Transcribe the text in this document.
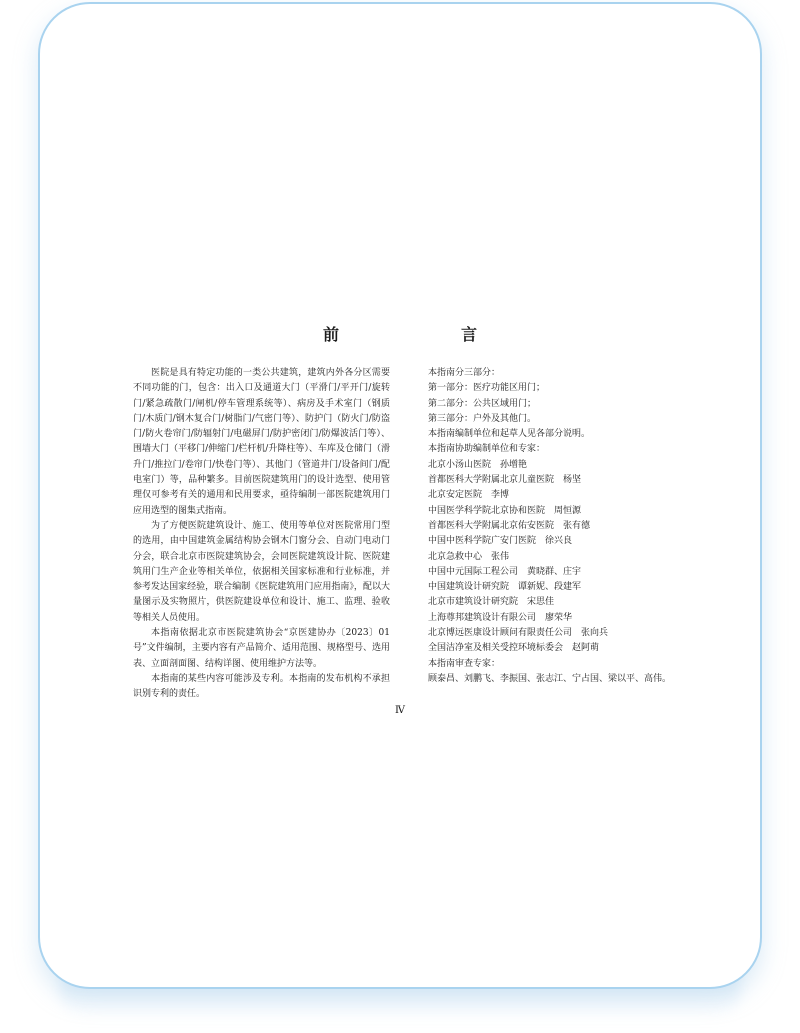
前　　言

医院是具有特定功能的一类公共建筑，建筑内外各分区需要不同功能的门，包含：出入口及通道大门（平滑门/平开门/旋转门/紧急疏散门/闸机/停车管理系统等）、病房及手术室门（钢质门/木质门/钢木复合门/树脂门/气密门等）、防护门（防火门/防盗门/防火卷帘门/防辐射门/电磁屏门/防护密闭门/防爆波活门等）、围墙大门（平移门/伸缩门/栏杆机/升降柱等）、车库及仓储门（滑升门/推拉门/卷帘门/快卷门等）、其他门（管道井门/设备间门/配电室门）等，品种繁多。目前医院建筑用门的设计选型、使用管理仅可参考有关的通用和民用要求，亟待编制一部医院建筑用门应用选型的图集式指南。

为了方便医院建筑设计、施工、使用等单位对医院常用门型的选用，由中国建筑金属结构协会钢木门窗分会、自动门电动门分会，联合北京市医院建筑协会，会同医院建筑设计院、医院建筑用门生产企业等相关单位，依据相关国家标准和行业标准，并参考发达国家经验，联合编制《医院建筑用门应用指南》，配以大量图示及实物照片，供医院建设单位和设计、施工、监理、验收等相关人员使用。

本指南依据北京市医院建筑协会“京医建协办〔2023〕01号”文件编制，主要内容有产品简介、适用范围、规格型号、选用表、立面剖面图、结构详图、使用维护方法等。

本指南的某些内容可能涉及专利。本指南的发布机构不承担识别专利的责任。

本指南分三部分：

第一部分：医疗功能区用门；

第二部分：公共区域用门；

第三部分：户外及其他门。

本指南编制单位和起草人见各部分说明。

本指南协助编制单位和专家：

北京小汤山医院　孙增艳

首都医科大学附属北京儿童医院　杨坚

北京安定医院　李博

中国医学科学院北京协和医院　周恒源

首都医科大学附属北京佑安医院　张有德

中国中医科学院广安门医院　徐兴良

北京急救中心　张伟

中国中元国际工程公司　黄晓群、庄宇

中国建筑设计研究院　谭新妮、段建军

北京市建筑设计研究院　宋思佳

上海尊邦建筑设计有限公司　廖荣华

北京博远医康设计顾问有限责任公司　张向兵

全国洁净室及相关受控环境标委会　赵阿萌

本指南审查专家：

顾泰昌、刘鹏飞、李振国、张志江、宁占国、梁以平、高伟。

Ⅳ
